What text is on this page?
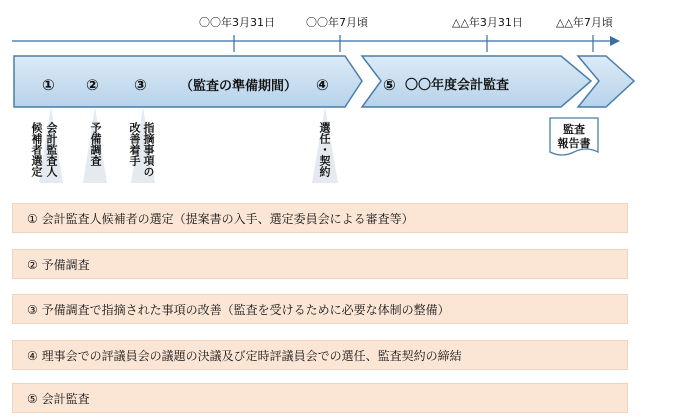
〇〇年3月31日	〇〇年7月頃	△△年3月31日	△△年7月頃
① ② ③	（監査の準備期間） ④	⑤ 〇〇年度会計監査
候補者選定 会計監査人	予備調査 改善着手 指摘事項の	選任・契約	監査
報告書
① 会計監査人候補者の選定（提案書の入手、選定委員会による審査等）
② 予備調査
③ 予備調査で指摘された事項の改善（監査を受けるために必要な体制の整備）
④ 理事会での評議員会の議題の決議及び定時評議員会での選任、監査契約の締結
⑤ 会計監査
